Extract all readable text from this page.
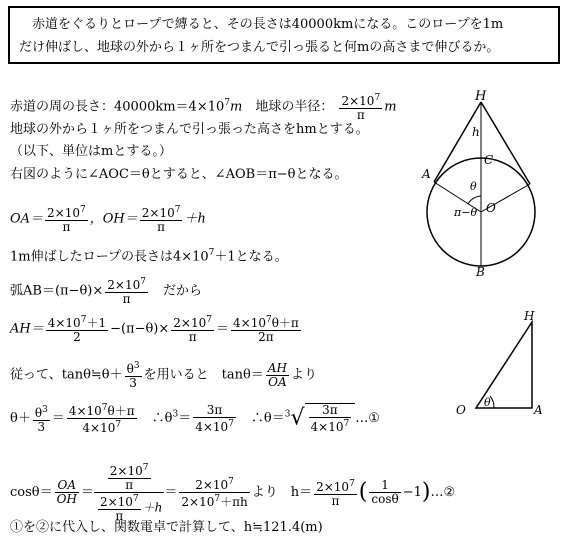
　赤道をぐるりとロープで縛ると、その長さは40000kmになる。このロープを1m
だけ伸ばし、地球の外から１ヶ所をつまんで引っ張ると何mの高さまで伸びるか。
赤道の周の長さ：$40000km=4\times 10^7m$　地球の半径： $\frac{2\times 10^7}{\pi}$ m
地球の外から１ヶ所をつまんで引っ張った高さをhmとする。
（以下、単位はmとする。）
右図のように∠AOC＝θとすると、∠AOB＝π−θとなる。
$OA= \frac{2\times 10^7}{\pi}$ ，$OH= \frac{2\times 10^7}{\pi} +h$
1m伸ばしたロープの長さは$4\times 10^7+1$となる。
弧$AB=(\pi-\theta)\times \frac{2\times 10^7}{\pi}$ 　だから
$AH= \frac{4\times 10^7+1}{2} -(\pi-\theta)\times \frac{2\times 10^7}{\pi} = \frac{4\times 10^7\theta+\pi}{2\pi}$
従って、tanθ≒θ＋ $\frac{\theta^3}{3}$ を用いると　$\tan\theta= \frac{AH}{OA}$ より
$\theta+ \frac{\theta^3}{3} = \frac{4\times 10^7\theta+\pi}{4\times 10^7}$ 　$\therefore\theta^3= \frac{3\pi}{4\times 10^7}$ 　∴θ＝$^3$√ $\frac{3\pi}{4\times 10^7}$ …①
$\cos\theta= \frac{OA}{OH} = \frac{\frac{2\times 10^7}{\pi}}{\frac{2\times 10^7}{\pi} +h} = \frac{2\times 10^7}{2\times 10^7+\pi h}$ より　$h= \frac{2\times 10^7}{\pi}$ ( $\frac{1}{\cos\theta}$ −1)…②
①を②に代入し、関数電卓で計算して、h≒121.4(m)
H
h
C
A
θ
π−θ O
B
H
O	A
θ
